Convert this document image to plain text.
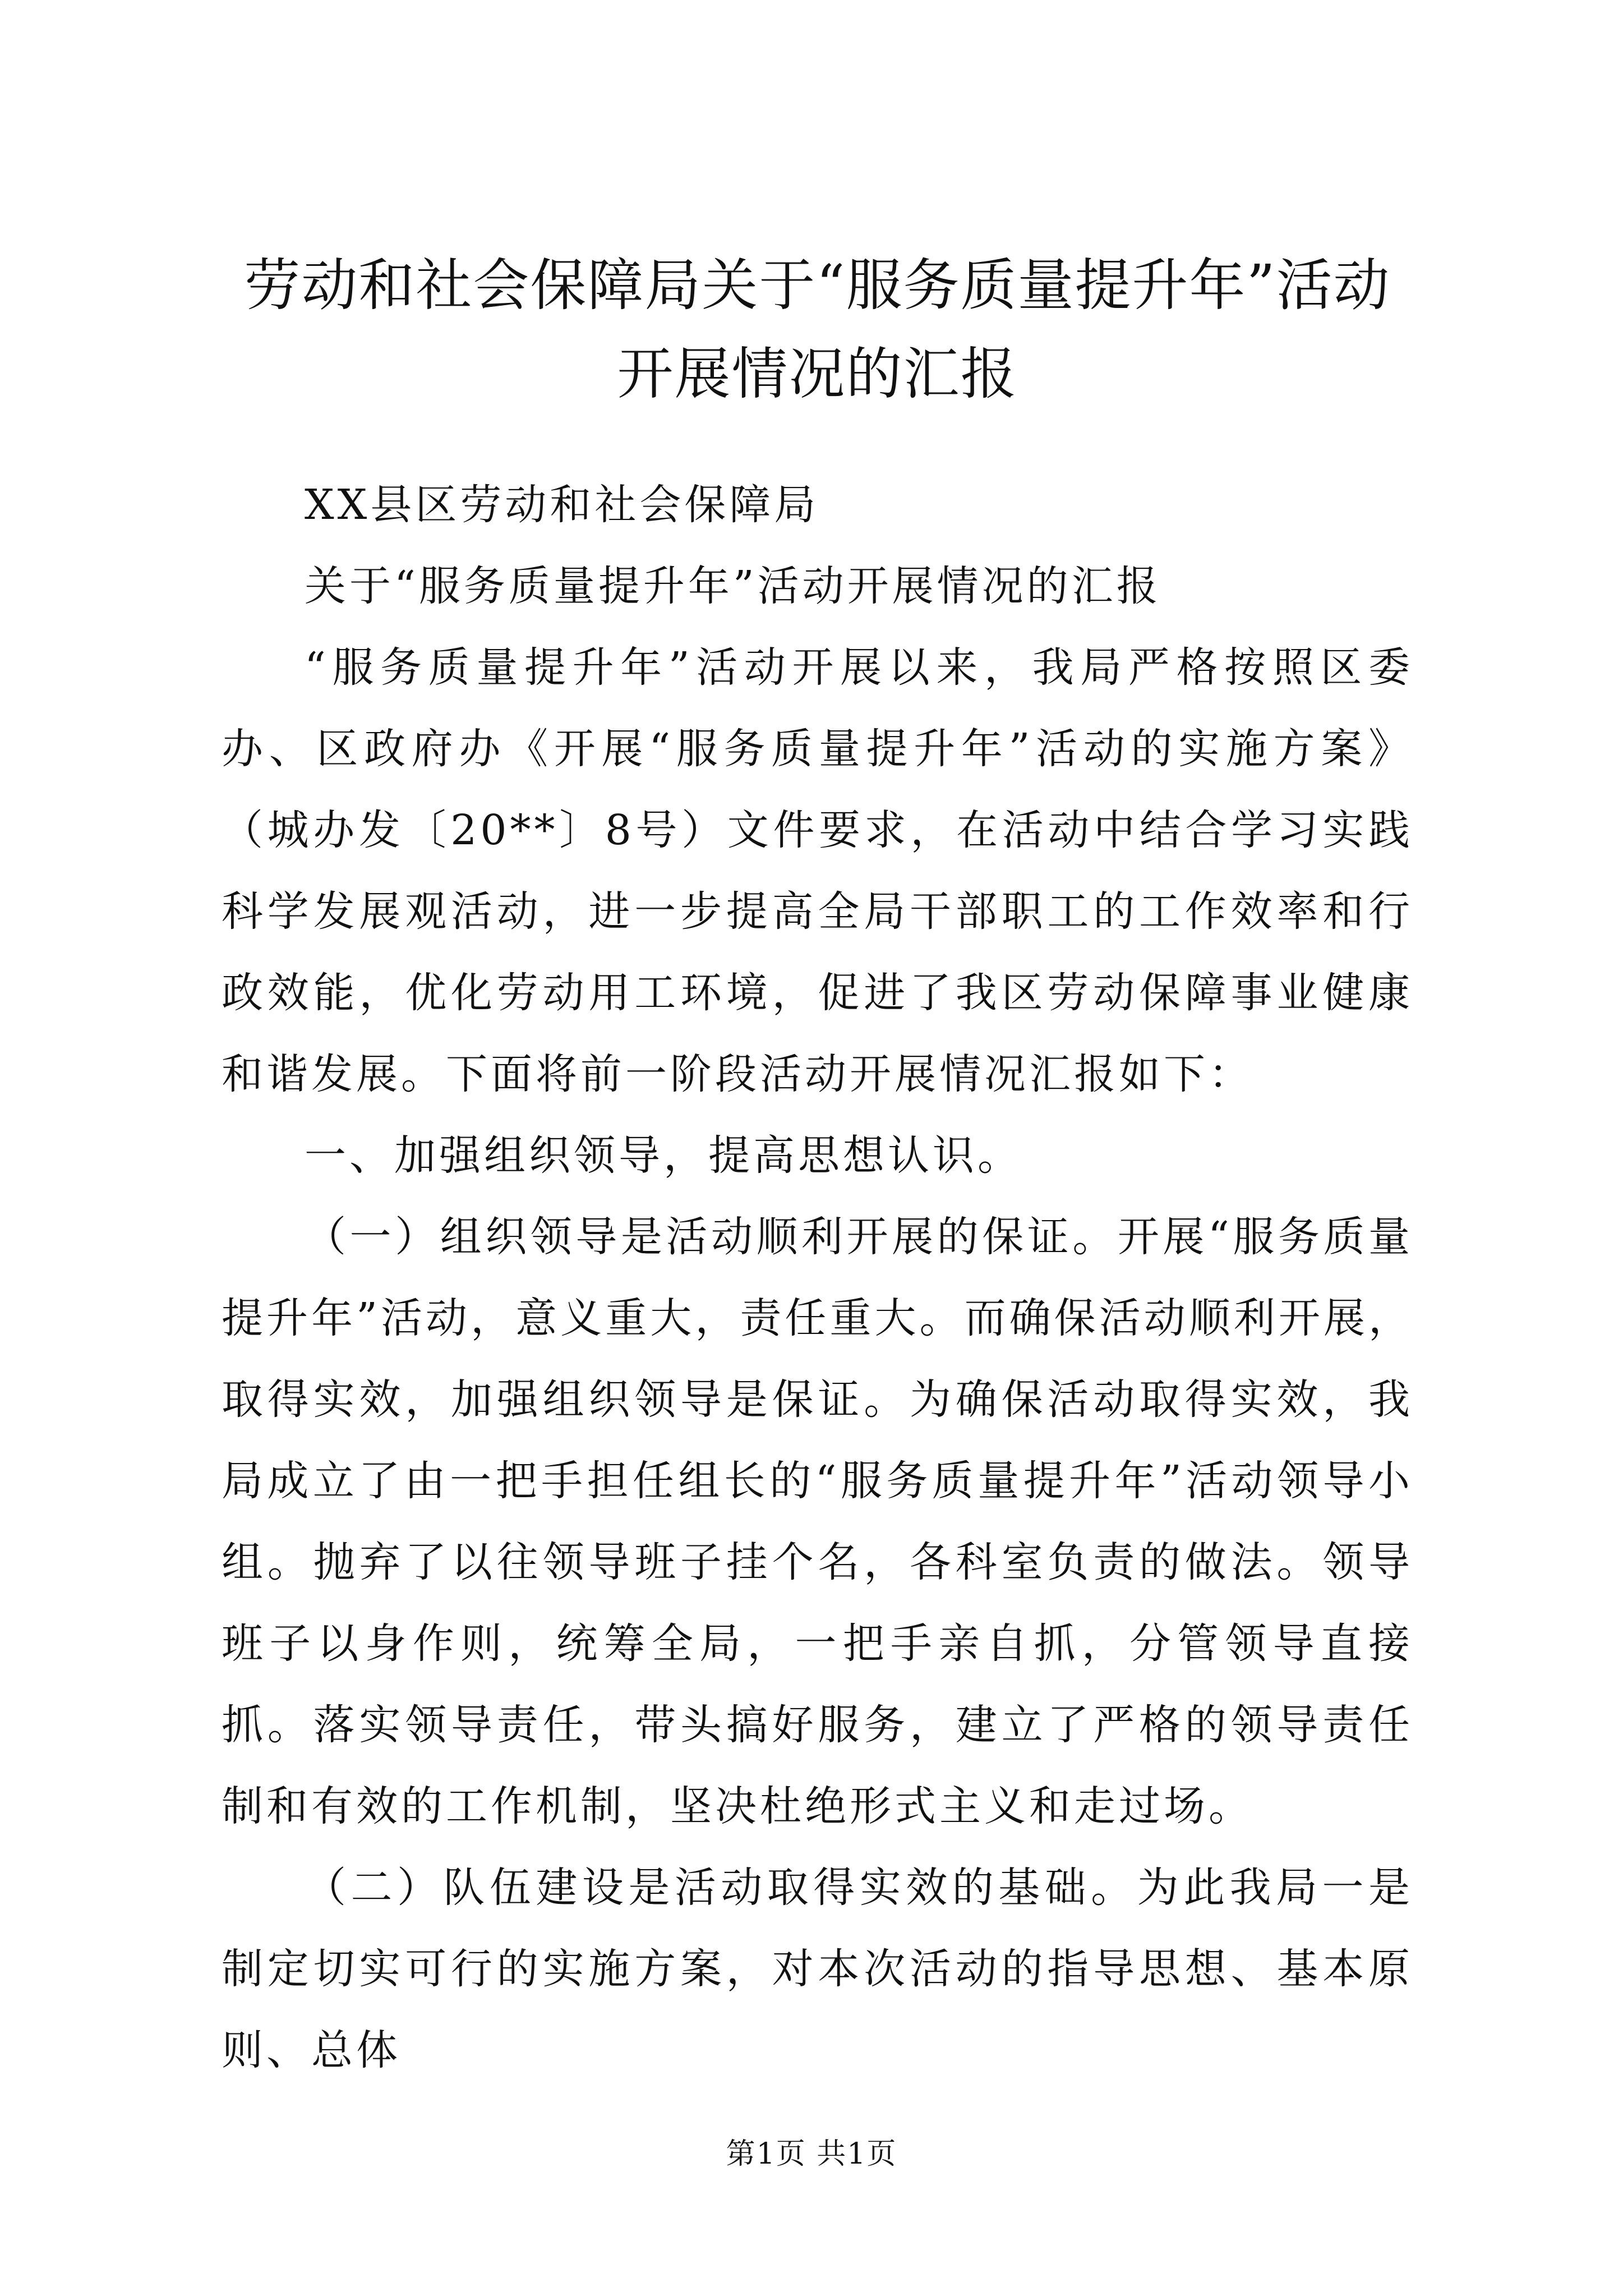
劳动和社会保障局关于“服务质量提升年”活动开展情况的汇报

XX县区劳动和社会保障局

关于“服务质量提升年”活动开展情况的汇报

“服务质量提升年”活动开展以来，我局严格按照区委办、区政府办《开展“服务质量提升年”活动的实施方案》（城办发〔20**〕8号）文件要求，在活动中结合学习实践科学发展观活动，进一步提高全局干部职工的工作效率和行政效能，优化劳动用工环境，促进了我区劳动保障事业健康和谐发展。下面将前一阶段活动开展情况汇报如下：

一、加强组织领导，提高思想认识。

（一）组织领导是活动顺利开展的保证。开展“服务质量提升年”活动，意义重大，责任重大。而确保活动顺利开展，取得实效，加强组织领导是保证。为确保活动取得实效，我局成立了由一把手担任组长的“服务质量提升年”活动领导小组。抛弃了以往领导班子挂个名，各科室负责的做法。领导班子以身作则，统筹全局，一把手亲自抓，分管领导直接抓。落实领导责任，带头搞好服务，建立了严格的领导责任制和有效的工作机制，坚决杜绝形式主义和走过场。

（二）队伍建设是活动取得实效的基础。为此我局一是制定切实可行的实施方案，对本次活动的指导思想、基本原则、总体

第1页 共1页
